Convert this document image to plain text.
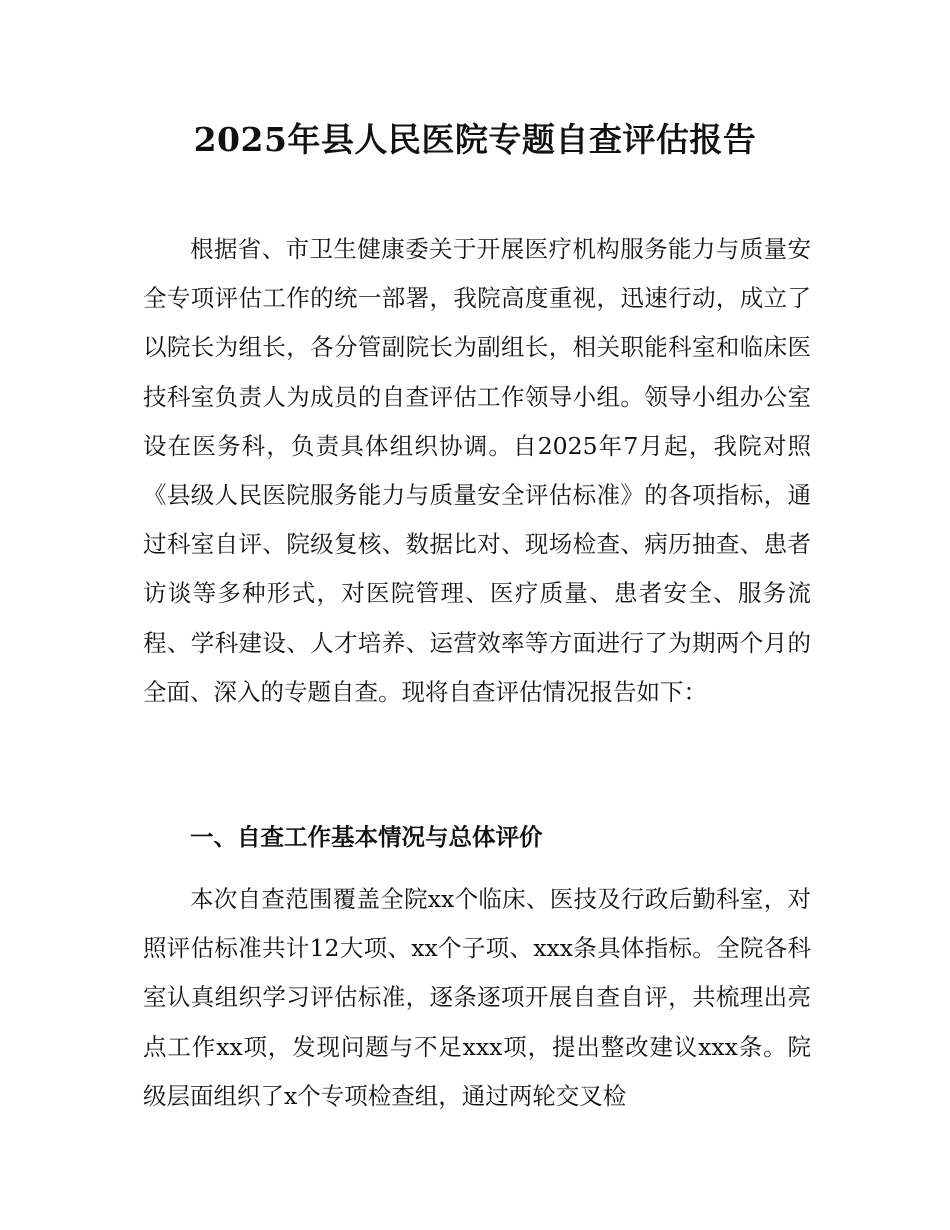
2025年县人民医院专题自查评估报告

根据省、市卫生健康委关于开展医疗机构服务能力与质量安全专项评估工作的统一部署，我院高度重视，迅速行动，成立了以院长为组长，各分管副院长为副组长，相关职能科室和临床医技科室负责人为成员的自查评估工作领导小组。领导小组办公室设在医务科，负责具体组织协调。自2025年7月起，我院对照《县级人民医院服务能力与质量安全评估标准》的各项指标，通过科室自评、院级复核、数据比对、现场检查、病历抽查、患者访谈等多种形式，对医院管理、医疗质量、患者安全、服务流程、学科建设、人才培养、运营效率等方面进行了为期两个月的全面、深入的专题自查。现将自查评估情况报告如下：

一、自查工作基本情况与总体评价

本次自查范围覆盖全院xx个临床、医技及行政后勤科室，对照评估标准共计12大项、xx个子项、xxx条具体指标。全院各科室认真组织学习评估标准，逐条逐项开展自查自评，共梳理出亮点工作xx项，发现问题与不足xxx项，提出整改建议xxx条。院级层面组织了x个专项检查组，通过两轮交叉检
